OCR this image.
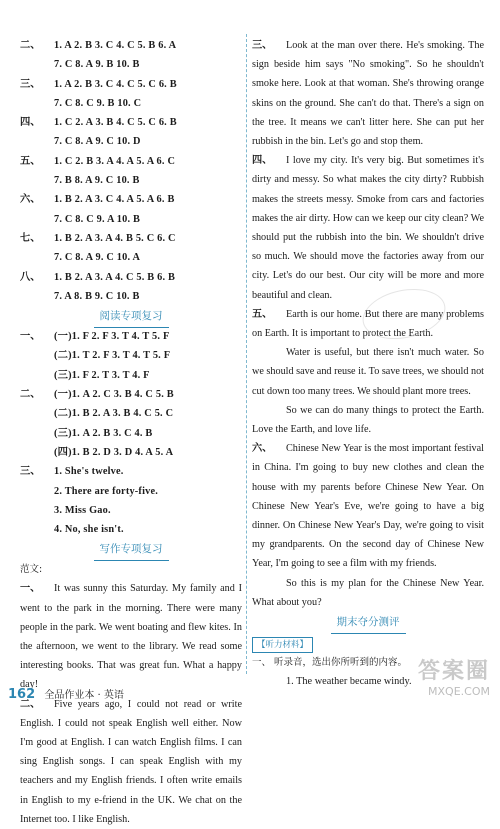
二、 1. A 2. B 3. C 4. C 5. B 6. A
7. C 8. A 9. B 10. B
三、 1. A 2. B 3. C 4. C 5. C 6. B
7. C 8. C 9. B 10. C
四、 1. C 2. A 3. B 4. C 5. C 6. B
7. C 8. A 9. C 10. D
五、 1. C 2. B 3. A 4. A 5. A 6. C
7. B 8. A 9. C 10. B
六、 1. B 2. A 3. C 4. A 5. A 6. B
7. C 8. C 9. A 10. B
七、 1. B 2. A 3. A 4. B 5. C 6. C
7. C 8. A 9. C 10. A
八、 1. B 2. A 3. A 4. C 5. B 6. B
7. A 8. B 9. C 10. B
阅读专项复习
一、 (一)1. F 2. F 3. T 4. T 5. F
(二)1. T 2. F 3. T 4. T 5. F
(三)1. F 2. T 3. T 4. F
二、 (一)1. A 2. C 3. B 4. C 5. B
(二)1. B 2. A 3. B 4. C 5. C
(三)1. A 2. B 3. C 4. B
(四)1. B 2. D 3. D 4. A 5. A
三、 1. She's twelve.
2. There are forty-five.
3. Miss Gao.
4. No, she isn't.
写作专项复习
范文:
一、 It was sunny this Saturday. My family and I went to the park in the morning. There were many people in the park. We went boating and flew kites. In the afternoon, we went to the library. We read some interesting books. That was great fun. What a happy day!
二、 Five years ago, I could not read or write English. I could not speak English well either. Now I'm good at English. I can watch English films. I can sing English songs. I can speak English with my teachers and my English friends. I often write emails in English to my e-friend in the UK. We chat on the Internet too. I like English.
三、 Look at the man over there. He's smoking. The sign beside him says "No smoking". So he shouldn't smoke here. Look at that woman. She's throwing orange skins on the ground. She can't do that. There's a sign on the tree. It means we can't litter here. She can put her rubbish in the bin. Let's go and stop them.
四、 I love my city. It's very big. But sometimes it's dirty and messy. So what makes the city dirty? Rubbish makes the streets messy. Smoke from cars and factories makes the air dirty. How can we keep our city clean? We should put the rubbish into the bin. We shouldn't drive so much. We should move the factories away from our city. Let's do our best. Our city will be more and more beautiful and clean.
五、 Earth is our home. But there are many problems on Earth. It is important to protect the Earth.
Water is useful, but there isn't much water. So we should save and reuse it. To save trees, we should not cut down too many trees. We should plant more trees.
So we can do many things to protect the Earth. Love the Earth, and love life.
六、 Chinese New Year is the most important festival in China. I'm going to buy new clothes and clean the house with my parents before Chinese New Year. On Chinese New Year's Eve, we're going to have a big dinner. On Chinese New Year's Day, we're going to visit my grandparents. On the second day of Chinese New Year, I'm going to see a film with my friends.
So this is my plan for the Chinese New Year. What about you?
期末夺分测评
【听力材料】
一、 听录音，选出你所听到的内容。
1. The weather became windy.
162 全品作业本 · 英语
答案圈
MXQE.COM
